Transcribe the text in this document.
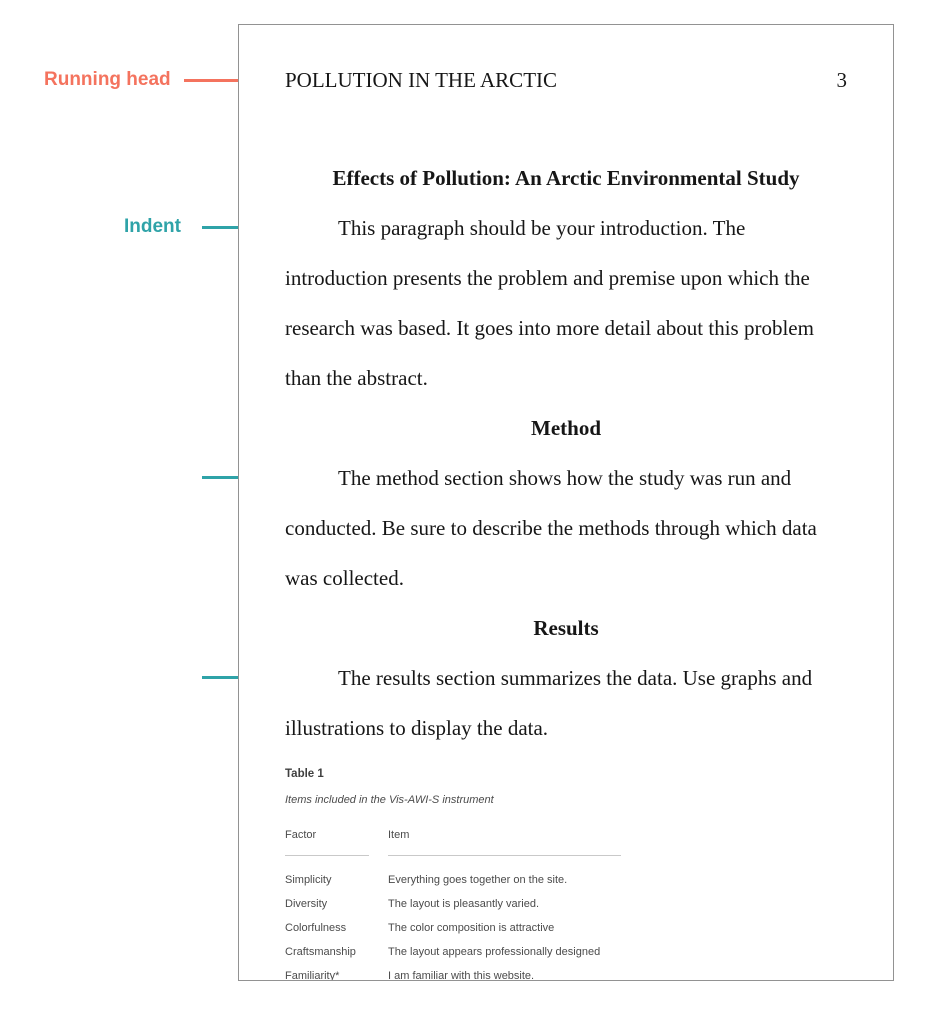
Running head
Indent
POLLUTION IN THE ARCTIC	3
Effects of Pollution: An Arctic Environmental Study
This paragraph should be your introduction. The
introduction presents the problem and premise upon which the
research was based. It goes into more detail about this problem
than the abstract.
Method
The method section shows how the study was run and
conducted. Be sure to describe the methods through which data
was collected.
Results
The results section summarizes the data. Use graphs and
illustrations to display the data.
Table 1
Items included in the Vis-AWI-S instrument
Factor	Item
Simplicity	Everything goes together on the site.
Diversity	The layout is pleasantly varied.
Colorfulness	The color composition is attractive
Craftsmanship	The layout appears professionally designed
Familiarity*	I am familiar with this website.
